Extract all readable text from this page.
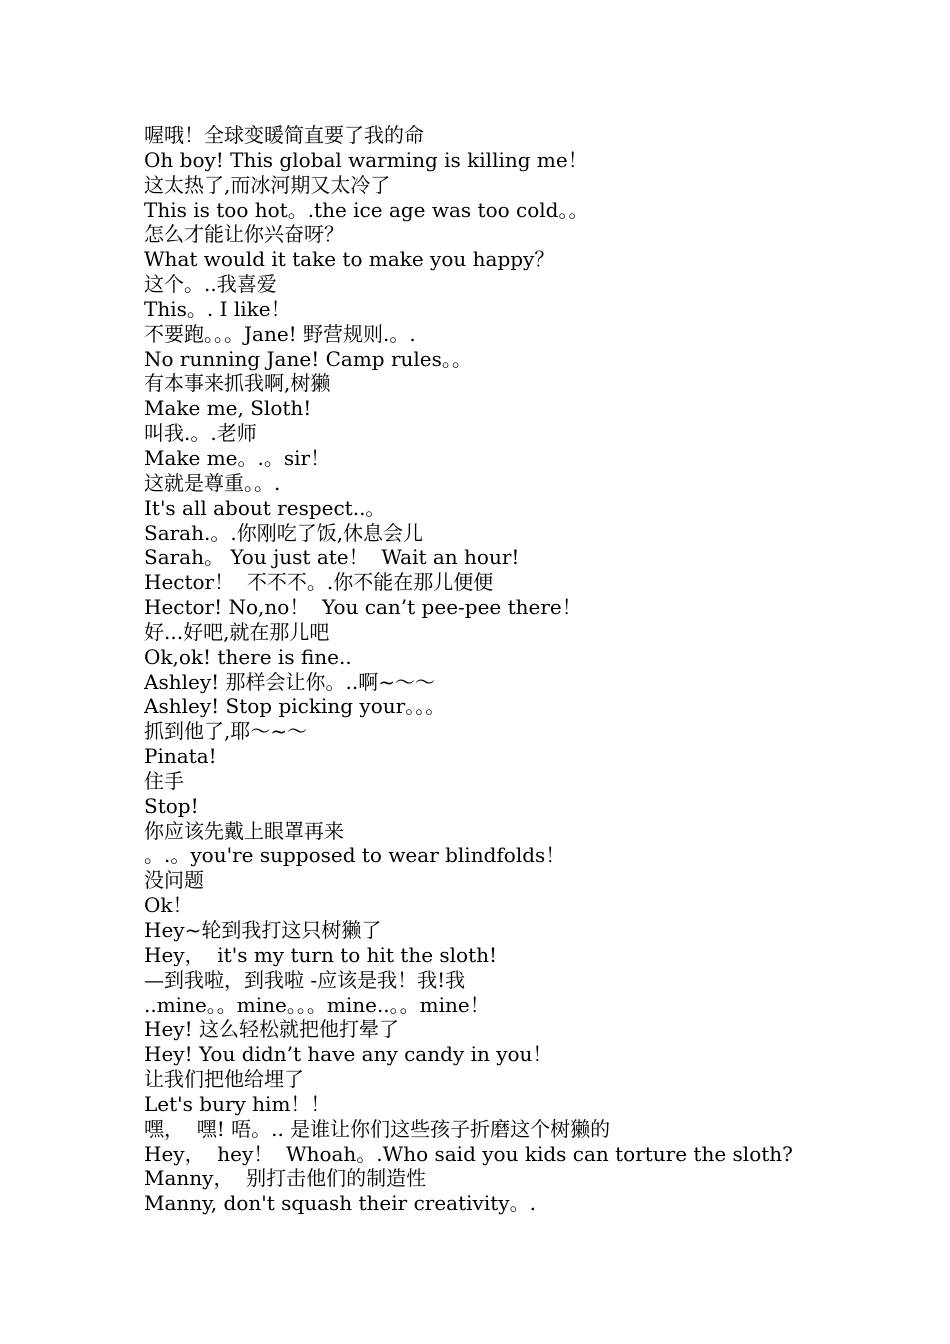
喔哦！全球变暖简直要了我的命
Oh boy! This global warming is killing me！
这太热了,而冰河期又太冷了
This is too hot。.the ice age was too cold。。
怎么才能让你兴奋呀？
What would it take to make you happy？
这个。..我喜爱
This。. I like！
不要跑。。。Jane! 野营规则.。.
No running Jane! Camp rules。。
有本事来抓我啊,树獭
Make me, Sloth!
叫我.。.老师
Make me。.。sir！
这就是尊重。。.
It's all about respect..。
Sarah.。.你刚吃了饭,休息会儿
Sarah。 You just ate！  Wait an hour!
Hector！  不不不。.你不能在那儿便便
Hector! No,no！  You can’t pee-pee there！
好...好吧,就在那儿吧
Ok,ok! there is fine..
Ashley! 那样会让你。..啊~～～
Ashley! Stop picking your。。。
抓到他了,耶～~～
Pinata!
住手
Stop!
你应该先戴上眼罩再来
。.。you're supposed to wear blindfolds！
没问题
Ok！
Hey~轮到我打这只树獭了
Hey，  it's my turn to hit the sloth!
—到我啦，到我啦 -应该是我！我!我
..mine。。mine。。。mine..。。mine！
Hey! 这么轻松就把他打晕了
Hey! You didn’t have any candy in you！
让我们把他给埋了
Let's bury him！！
嘿，  嘿! 唔。.. 是谁让你们这些孩子折磨这个树獭的
Hey，  hey！  Whoah。.Who said you kids can torture the sloth?
Manny，  别打击他们的制造性
Manny, don't squash their creativity。.
